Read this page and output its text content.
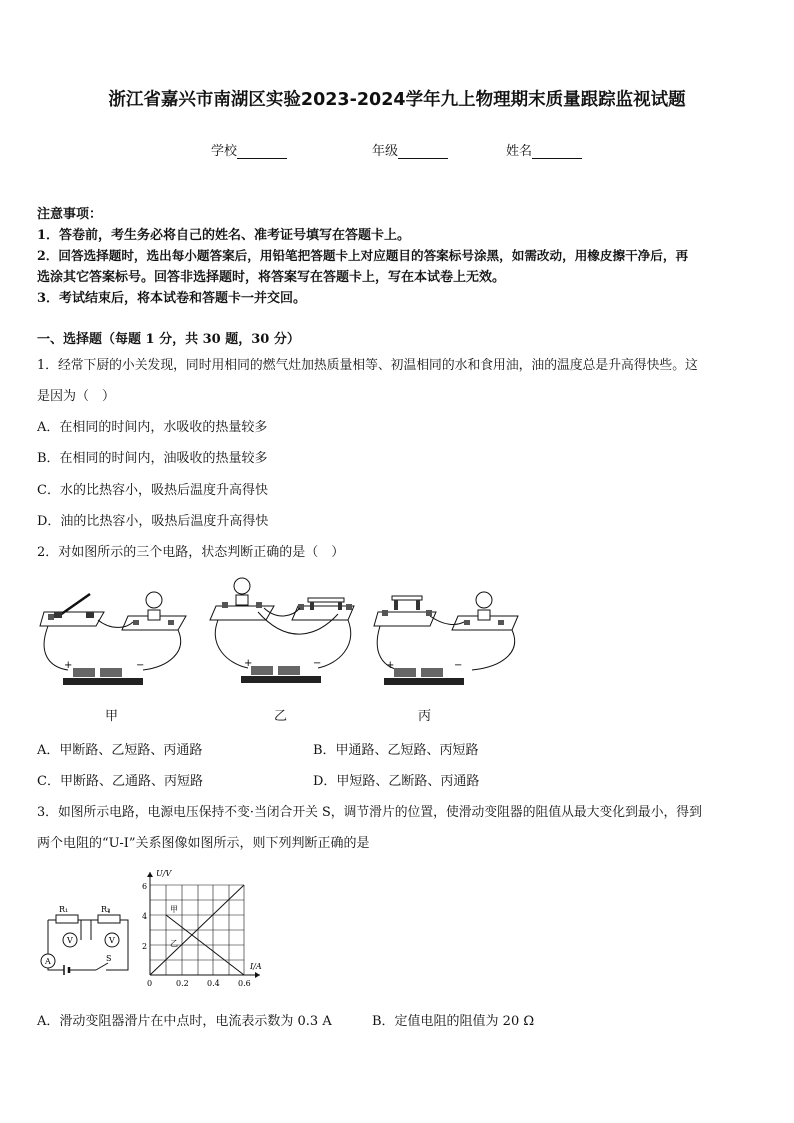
浙江省嘉兴市南湖区实验2023-2024学年九上物理期末质量跟踪监视试题
学校	年级	姓名
注意事项：
1．答卷前，考生务必将自己的姓名、准考证号填写在答题卡上。
2．回答选择题时，选出每小题答案后，用铅笔把答题卡上对应题目的答案标号涂黑，如需改动，用橡皮擦干净后，再
选涂其它答案标号。回答非选择题时，将答案写在答题卡上，写在本试卷上无效。
3．考试结束后，将本试卷和答题卡一并交回。
一、选择题（每题 1 分，共 30 题，30 分）
1．经常下厨的小关发现，同时用相同的燃气灶加热质量相等、初温相同的水和食用油，油的温度总是升高得快些。这
是因为（　）
A．在相同的时间内，水吸收的热量较多
B．在相同的时间内，油吸收的热量较多
C．水的比热容小，吸热后温度升高得快
D．油的比热容小，吸热后温度升高得快
2．对如图所示的三个电路，状态判断正确的是（　）
+	−	+	−	+	−
甲	乙	丙
A．甲断路、乙短路、丙通路	B．甲通路、乙短路、丙短路
C．甲断路、乙通路、丙短路	D．甲短路、乙断路、丙通路
3．如图所示电路，电源电压保持不变·当闭合开关 S，调节滑片的位置，使滑动变阻器的阻值从最大变化到最小，得到
两个电阻的“U-I”关系图像如图所示，则下列判断正确的是
R₁	R₂
V	V
A	S
U/V
I/A
6
4
2
0	0.2 0.4 0.6
甲
乙
A．滑动变阻器滑片在中点时，电流表示数为 0.3 A	B．定值电阻的阻值为 20 Ω
